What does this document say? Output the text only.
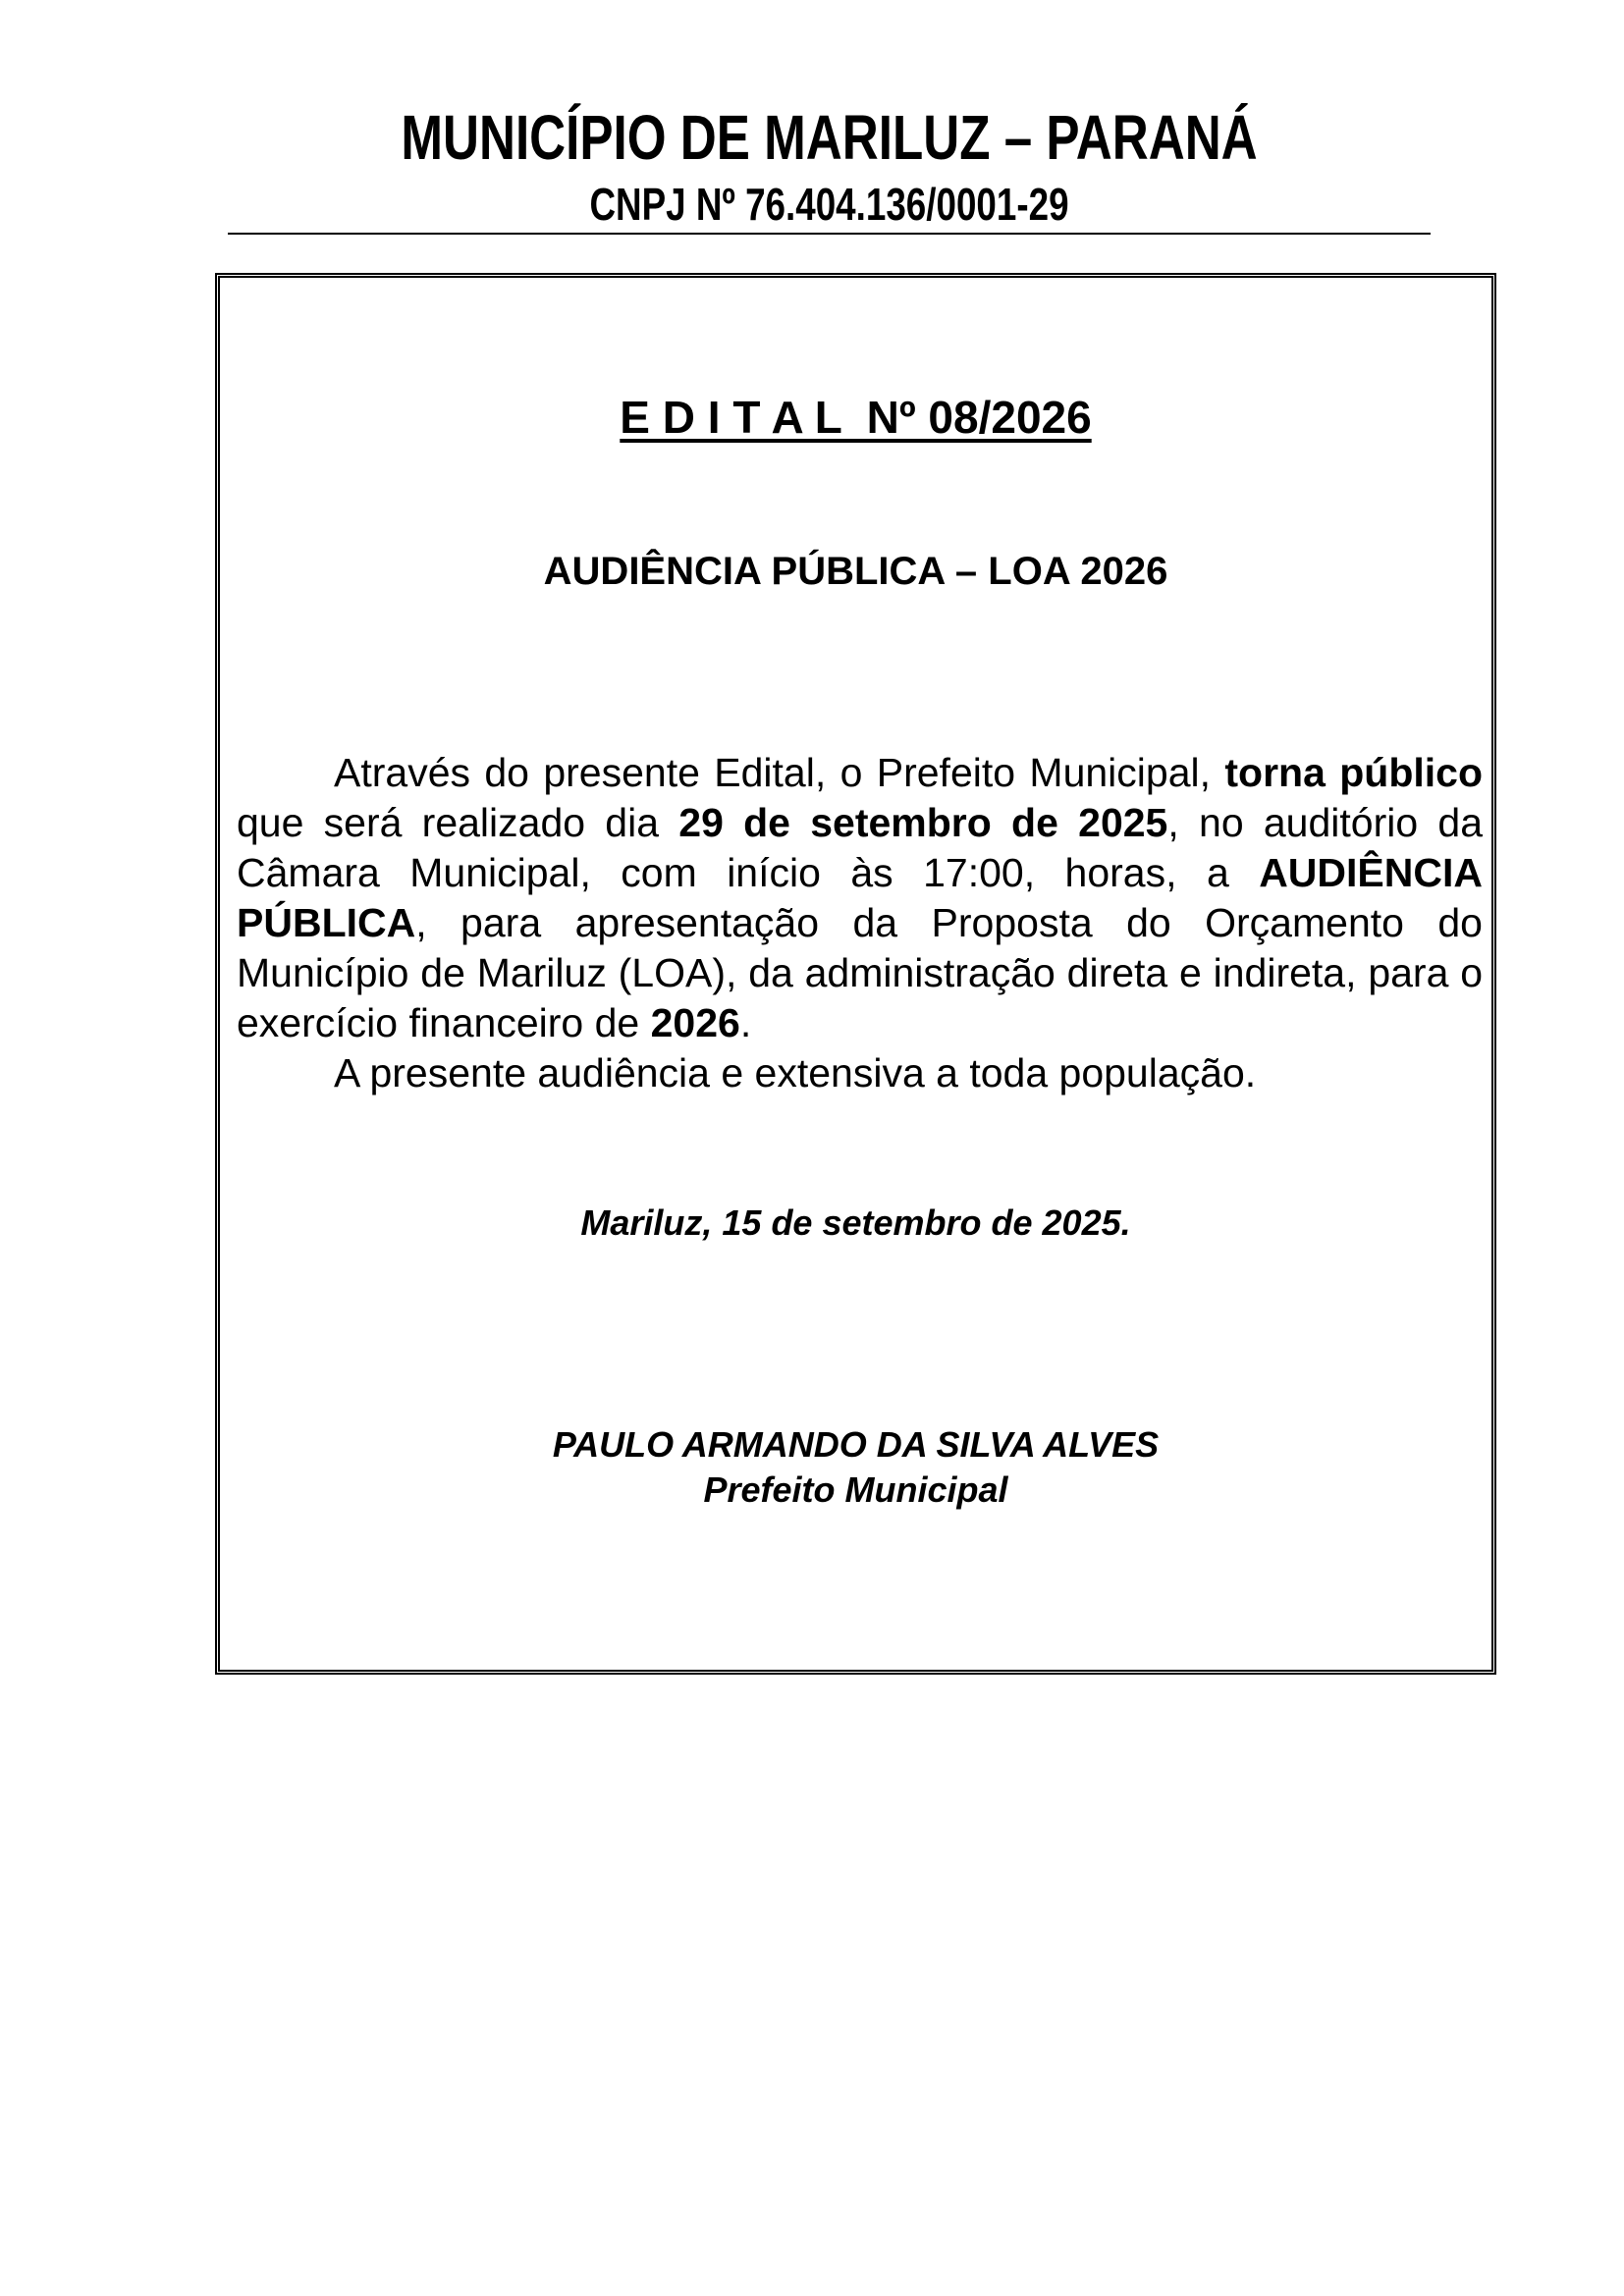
MUNICÍPIO DE MARILUZ – PARANÁ
CNPJ Nº 76.404.136/0001-29
E D I T A L  Nº 08/2026
AUDIÊNCIA PÚBLICA – LOA 2026

Através do presente Edital, o Prefeito Municipal, torna público que será realizado dia 29 de setembro de 2025, no auditório da Câmara Municipal, com início às 17:00, horas, a AUDIÊNCIA PÚBLICA, para apresentação da Proposta do Orçamento do Município de Mariluz (LOA), da administração direta e indireta, para o exercício financeiro de 2026.

A presente audiência e extensiva a toda população.

Mariluz, 15 de setembro de 2025.
PAULO ARMANDO DA SILVA ALVES
Prefeito Municipal
